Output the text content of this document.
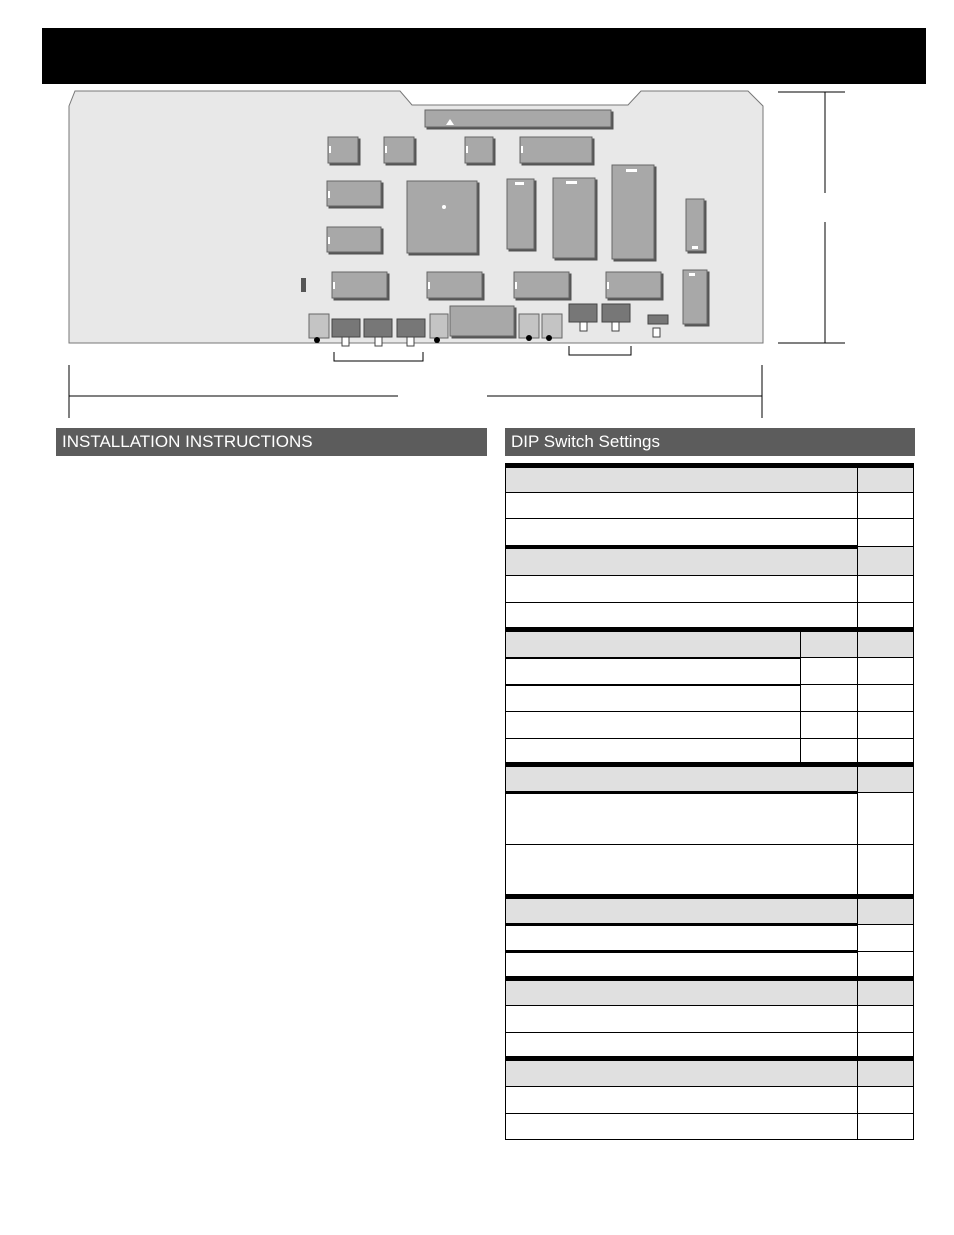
INSTALLATION INSTRUCTIONS	DIP Switch Settings
